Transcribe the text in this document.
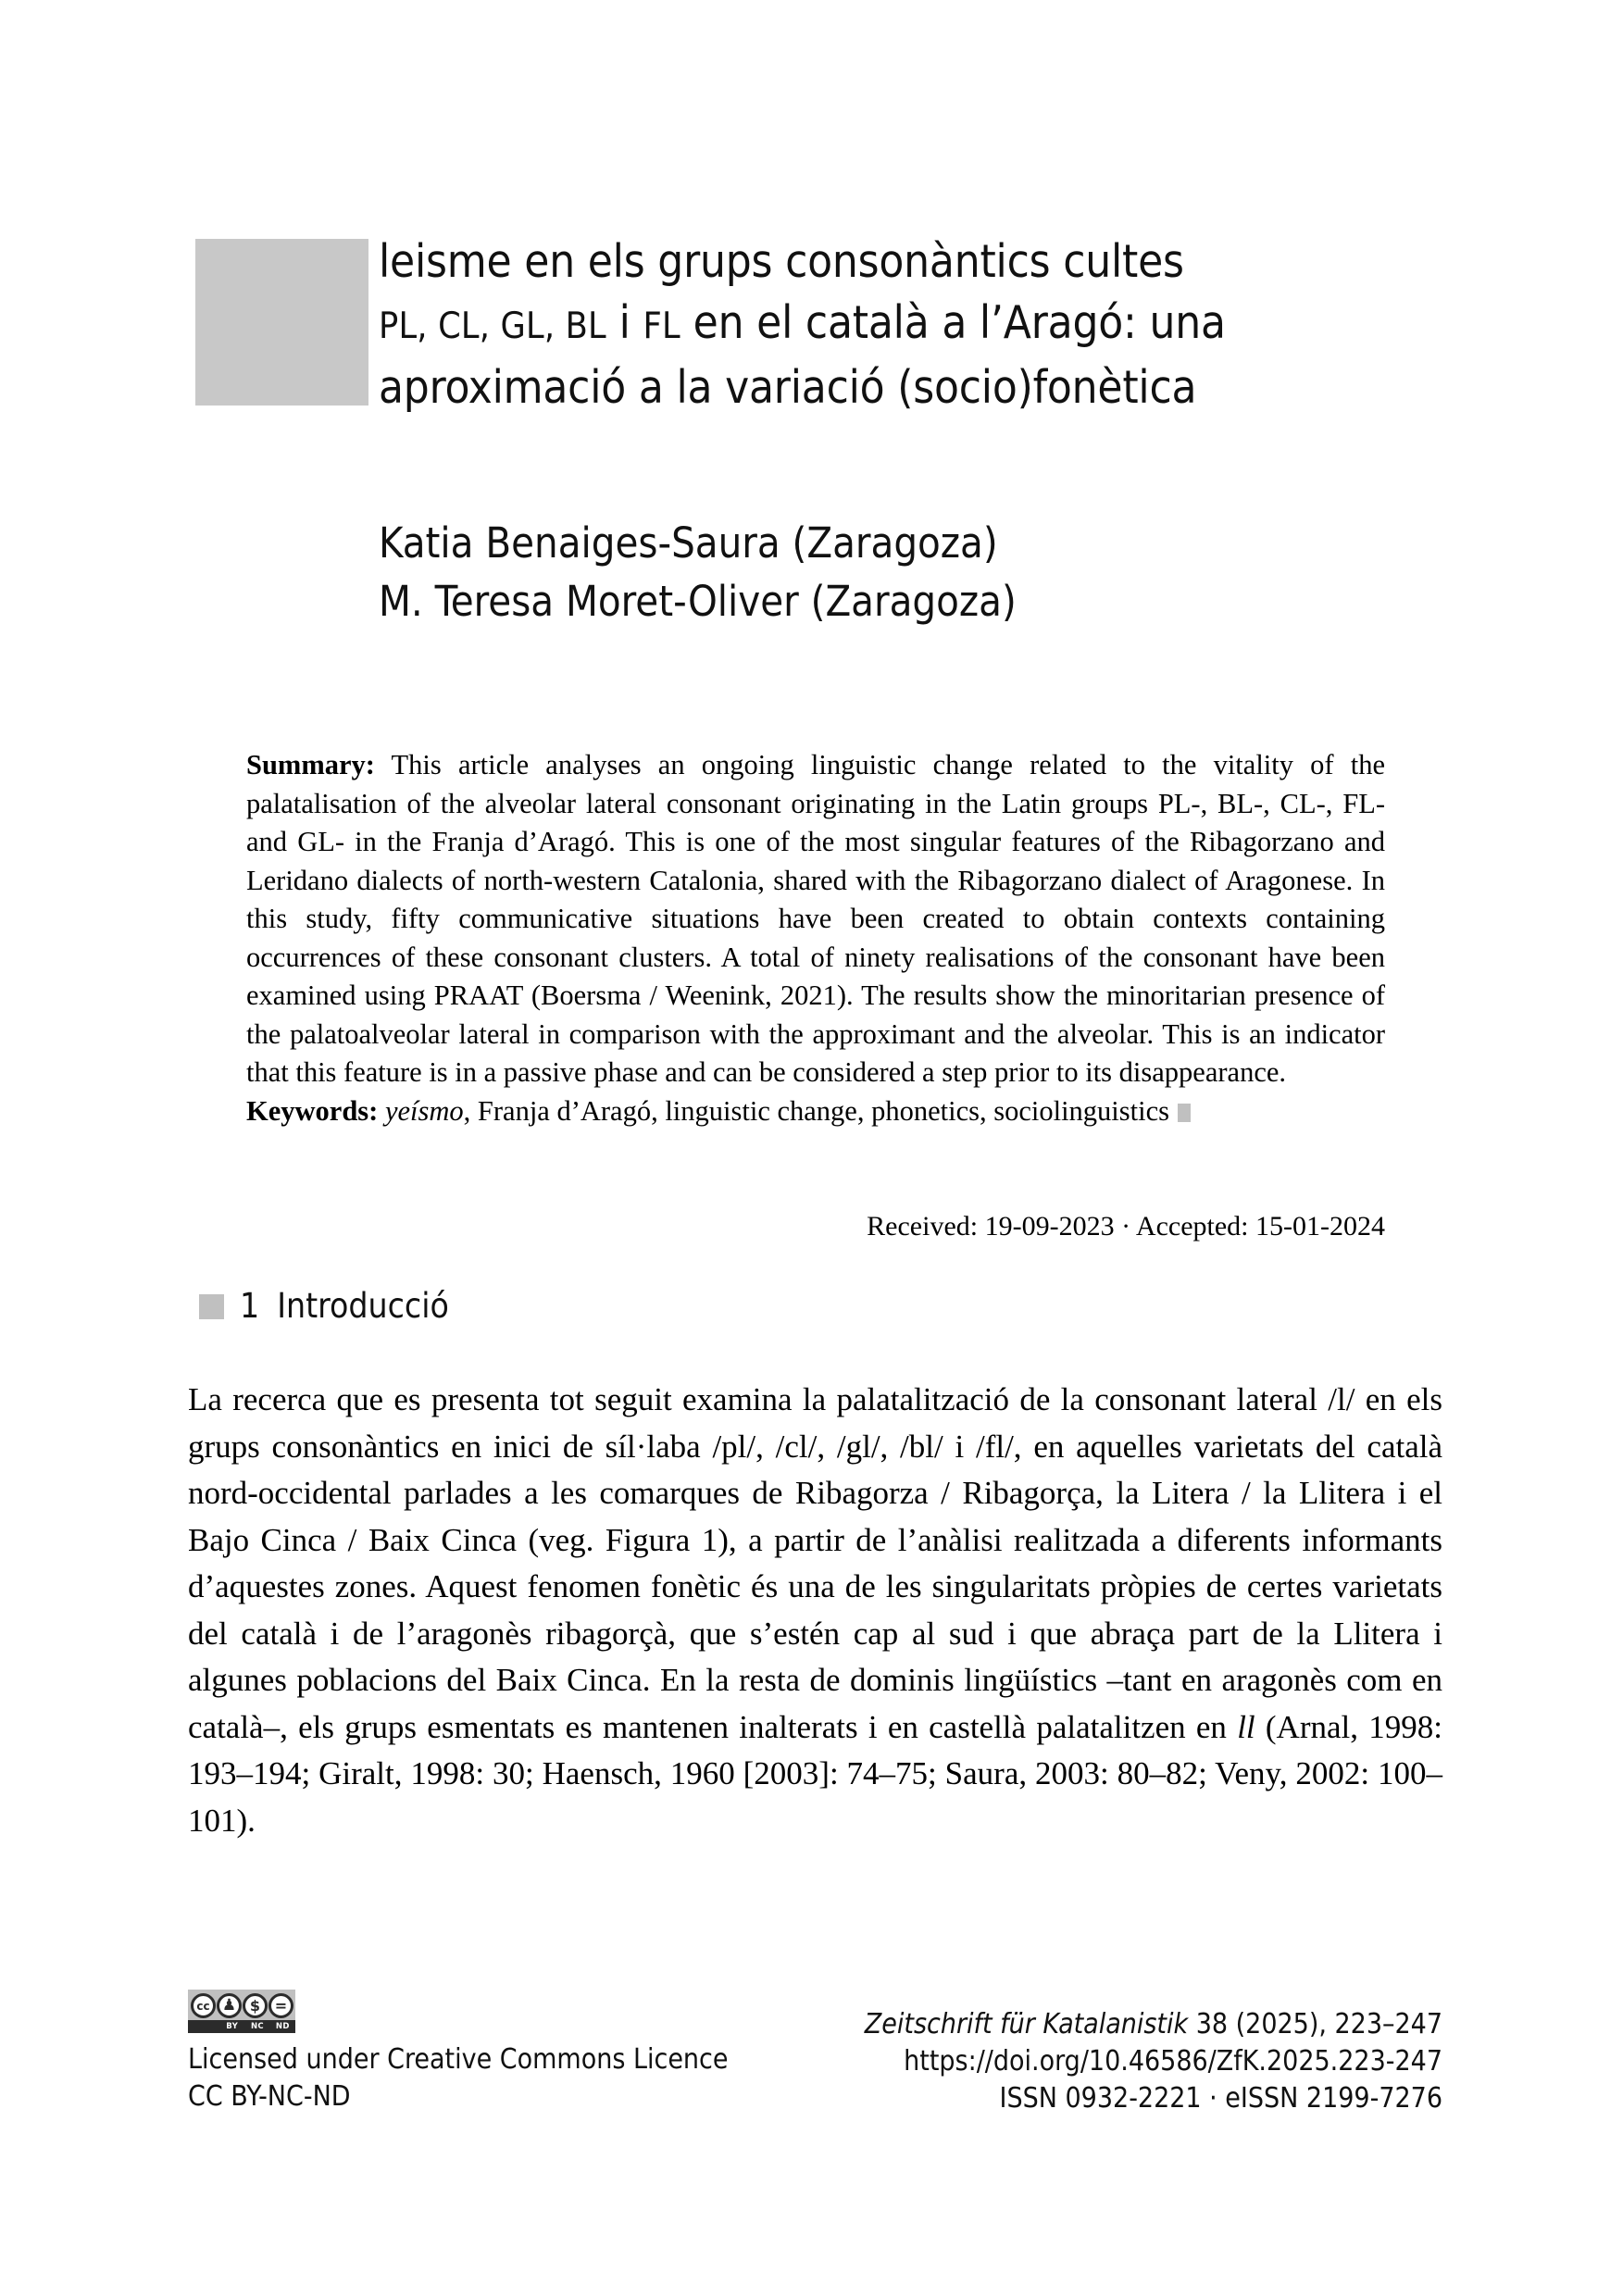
leisme en els grups consonàntics cultes
PL, CL, GL, BL i FL en el català a l’Aragó: una
aproximació a la variació (socio)fonètica
Katia Benaiges-Saura (Zaragoza)
M. Teresa Moret-Oliver (Zaragoza)
Summary: This article analyses an ongoing linguistic change related to the vitality of the palatalisation of the alveolar lateral consonant originating in the Latin groups PL-, BL-, CL-, FL- and GL- in the Franja d’Aragó. This is one of the most singular features of the Ribagorzano and Leridano dialects of north-western Catalonia, shared with the Ribagorzano dialect of Aragonese. In this study, fifty communicative situations have been created to obtain contexts containing occurrences of these consonant clusters. A total of ninety realisations of the consonant have been examined using PRAAT (Boersma / Weenink, 2021). The results show the minoritarian presence of the palatoalveolar lateral in comparison with the approximant and the alveolar. This is an indicator that this feature is in a passive phase and can be considered a step prior to its disappearance.
Keywords: yeísmo, Franja d’Aragó, linguistic change, phonetics, sociolinguistics
Received: 19-09-2023 · Accepted: 15-01-2024
1 Introducció
La recerca que es presenta tot seguit examina la palatalització de la consonant lateral /l/ en els grups consonàntics en inici de síl·laba /pl/, /cl/, /gl/, /bl/ i /fl/, en aquelles varietats del català nord-occidental parlades a les comarques de Ribagorza / Ribagorça, la Litera / la Llitera i el Bajo Cinca / Baix Cinca (veg. Figura 1), a partir de l’anàlisi realitzada a diferents informants d’aquestes zones. Aquest fenomen fonètic és una de les singularitats pròpies de certes varietats del català i de l’aragonès ribagorçà, que s’estén cap al sud i que abraça part de la Llitera i algunes poblacions del Baix Cinca. En la resta de dominis lingüístics –tant en aragonès com en català–, els grups esmentats es mantenen inalterats i en castellà palatalitzen en ll (Arnal, 1998: 193–194; Giralt, 1998: 30; Haensch, 1960 [2003]: 74–75; Saura, 2003: 80–82; Veny, 2002: 100–101).
cc ♟ $ =
BY	NC	ND
Licensed under Creative Commons Licence
CC BY-NC-ND
Zeitschrift für Katalanistik 38 (2025), 223–247
https://doi.org/10.46586/ZfK.2025.223-247
ISSN 0932-2221 · eISSN 2199-7276
